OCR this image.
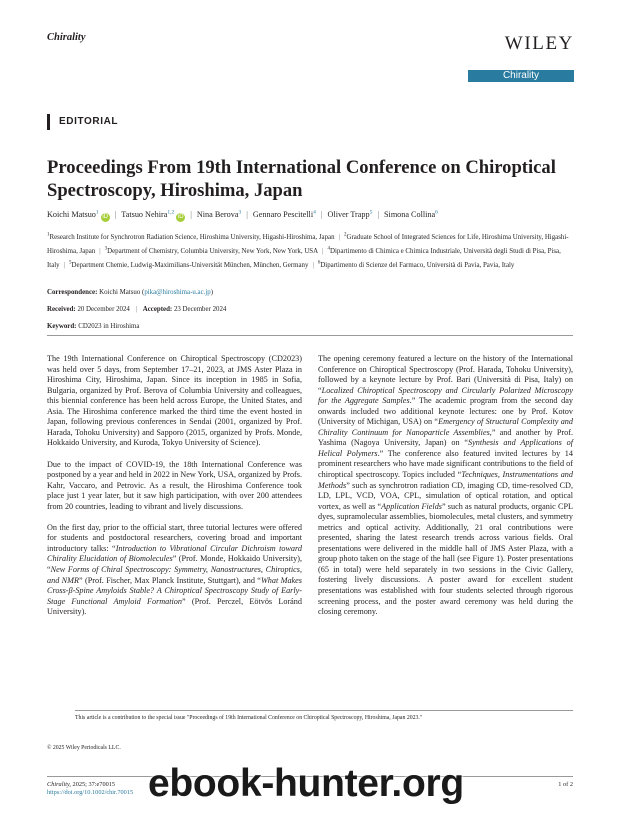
Chirality	WILEY
Chirality
EDITORIAL
Proceedings From 19th International Conference on Chiroptical Spectroscopy, Hiroshima, Japan
Koichi Matsuo$^1$iD | Tatsuo Nehira$^{1,2}$iD | Nina Berova$^3$ | Gennaro Pescitelli$^4$ | Oliver Trapp$^5$ | Simona Collina$^6$
$^1$Research Institute for Synchrotron Radiation Science, Hiroshima University, Higashi-Hiroshima, Japan | $^2$Graduate School of Integrated Sciences for Life, Hiroshima University, Higashi-Hiroshima, Japan | $^3$Department of Chemistry, Columbia University, New York, New York, USA | $^4$Dipartimento di Chimica e Chimica Industriale, Università degli Studi di Pisa, Pisa, Italy | $^5$Department Chemie, Ludwig-Maximilians-Universität München, München, Germany | $^6$Dipartimento di Scienze del Farmaco, Università di Pavia, Pavia, Italy
Correspondence: Koichi Matsuo (pika@hiroshima-u.ac.jp)
Received: 20 December 2024 | Accepted: 23 December 2024
Keyword: CD2023 in Hiroshima

The 19th International Conference on Chiroptical Spectroscopy (CD2023) was held over 5 days, from September 17–21, 2023, at JMS Aster Plaza in Hiroshima City, Hiroshima, Japan. Since its inception in 1985 in Sofia, Bulgaria, organized by Prof. Berova of Columbia University and colleagues, this biennial conference has been held across Europe, the United States, and Asia. The Hiroshima conference marked the third time the event hosted in Japan, following previous conferences in Sendai (2001, organized by Prof. Harada, Tohoku University) and Sapporo (2015, organized by Profs. Monde, Hokkaido University, and Kuroda, Tokyo University of Science).

Due to the impact of COVID-19, the 18th International Conference was postponed by a year and held in 2022 in New York, USA, organized by Profs. Kahr, Vaccaro, and Petrovic. As a result, the Hiroshima Conference took place just 1 year later, but it saw high participation, with over 200 attendees from 20 countries, leading to vibrant and lively discussions.

On the first day, prior to the official start, three tutorial lectures were offered for students and postdoctoral researchers, covering broad and important introductory talks: “Introduction to Vibrational Circular Dichroism toward Chirality Elucidation of Biomolecules” (Prof. Monde, Hokkaido University), “New Forms of Chiral Spectroscopy: Symmetry, Nanostructures, Chiroptics, and NMR” (Prof. Fischer, Max Planck Institute, Stuttgart), and “What Makes Cross-β-Spine Amyloids Stable? A Chiroptical Spectroscopy Study of Early-Stage Functional Amyloid Formation” (Prof. Perczel, Eötvös Loránd University).

The opening ceremony featured a lecture on the history of the International Conference on Chiroptical Spectroscopy (Prof. Harada, Tohoku University), followed by a keynote lecture by Prof. Bari (Università di Pisa, Italy) on “Localized Chiroptical Spectroscopy and Circularly Polarized Microscopy for the Aggregate Samples.” The academic program from the second day onwards included two additional keynote lectures: one by Prof. Kotov (University of Michigan, USA) on “Emergency of Structural Complexity and Chirality Continuum for Nanoparticle Assemblies,” and another by Prof. Yashima (Nagoya University, Japan) on “Synthesis and Applications of Helical Polymers.” The conference also featured invited lectures by 14 prominent researchers who have made significant contributions to the field of chiroptical spectroscopy. Topics included “Techniques, Instrumentations and Methods” such as synchrotron radiation CD, imaging CD, time-resolved CD, LD, LPL, VCD, VOA, CPL, simulation of optical rotation, and optical vortex, as well as “Application Fields” such as natural products, organic CPL dyes, supramolecular assemblies, biomolecules, metal clusters, and symmetry metrics and optical activity. Additionally, 21 oral contributions were presented, sharing the latest research trends across various fields. Oral presentations were delivered in the middle hall of JMS Aster Plaza, with a group photo taken on the stage of the hall (see Figure 1). Poster presentations (65 in total) were held separately in two sessions in the Civic Gallery, fostering lively discussions. A poster award for excellent student presentations was established with four students selected through rigorous screening process, and the poster award ceremony was held during the closing ceremony.

This article is a contribution to the special issue "Proceedings of 19th International Conference on Chiroptical Spectroscopy, Hiroshima, Japan 2023."
© 2025 Wiley Periodicals LLC.
Chirality, 2025; 37:e70015
https://doi.org/10.1002/chir.70015
1 of 2
ebook-hunter.org
